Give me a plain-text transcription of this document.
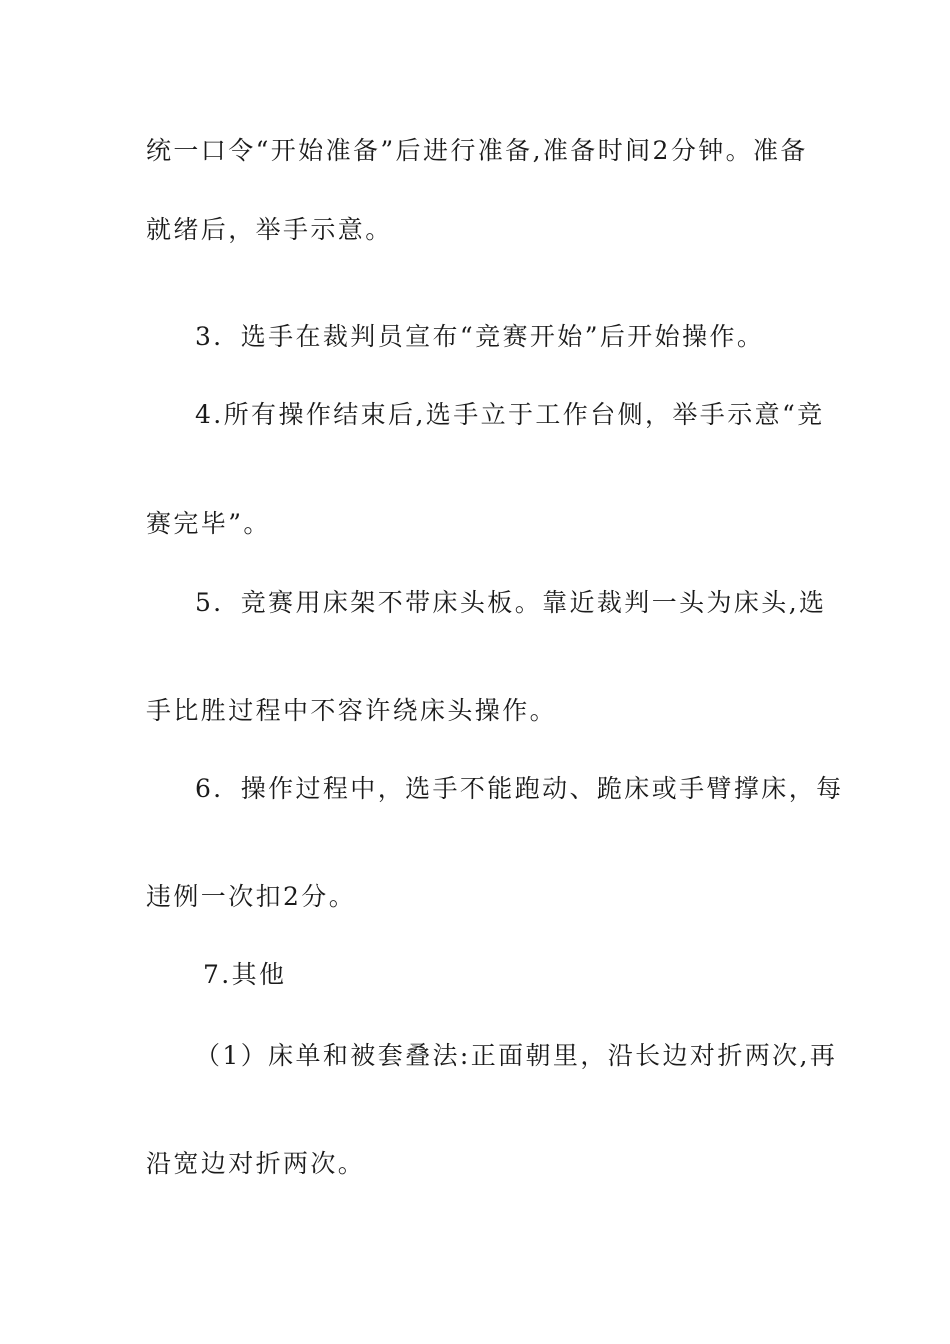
统一口令“开始准备”后进行准备,准备时间2分钟。准备
就绪后，举手示意。
3．选手在裁判员宣布“竞赛开始”后开始操作。
4.所有操作结束后,选手立于工作台侧，举手示意“竞
赛完毕”。
5．竞赛用床架不带床头板。靠近裁判一头为床头,选
手比胜过程中不容许绕床头操作。
6．操作过程中，选手不能跑动、跪床或手臂撑床，每
违例一次扣2分。
7.其他
（1）床单和被套叠法:正面朝里，沿长边对折两次,再
沿宽边对折两次。
